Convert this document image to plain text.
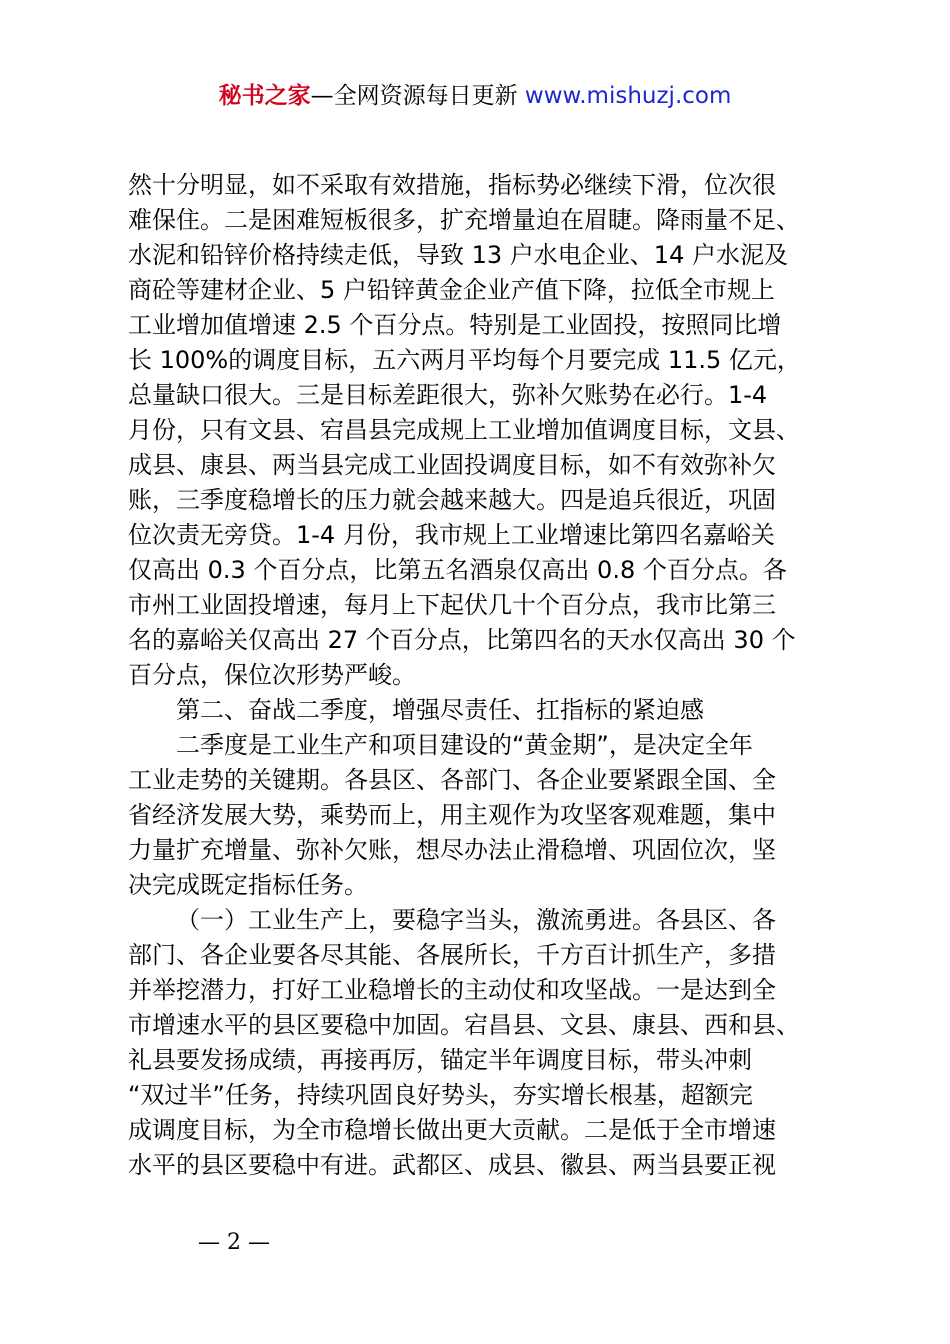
秘书之家—全网资源每日更新 www.mishuzj.com
然十分明显，如不采取有效措施，指标势必继续下滑，位次很
难保住。二是困难短板很多，扩充增量迫在眉睫。降雨量不足、
水泥和铅锌价格持续走低，导致 13 户水电企业、14 户水泥及
商砼等建材企业、5 户铅锌黄金企业产值下降，拉低全市规上
工业增加值增速 2.5 个百分点。特别是工业固投，按照同比增
长 100%的调度目标，五六两月平均每个月要完成 11.5 亿元，
总量缺口很大。三是目标差距很大，弥补欠账势在必行。1-4
月份，只有文县、宕昌县完成规上工业增加值调度目标，文县、
成县、康县、两当县完成工业固投调度目标，如不有效弥补欠
账，三季度稳增长的压力就会越来越大。四是追兵很近，巩固
位次责无旁贷。1-4 月份，我市规上工业增速比第四名嘉峪关
仅高出 0.3 个百分点，比第五名酒泉仅高出 0.8 个百分点。各
市州工业固投增速，每月上下起伏几十个百分点，我市比第三
名的嘉峪关仅高出 27 个百分点，比第四名的天水仅高出 30 个
百分点，保位次形势严峻。
第二、奋战二季度，增强尽责任、扛指标的紧迫感
二季度是工业生产和项目建设的“黄金期”，是决定全年
工业走势的关键期。各县区、各部门、各企业要紧跟全国、全
省经济发展大势，乘势而上，用主观作为攻坚客观难题，集中
力量扩充增量、弥补欠账，想尽办法止滑稳增、巩固位次，坚
决完成既定指标任务。
（一）工业生产上，要稳字当头，激流勇进。各县区、各
部门、各企业要各尽其能、各展所长，千方百计抓生产，多措
并举挖潜力，打好工业稳增长的主动仗和攻坚战。一是达到全
市增速水平的县区要稳中加固。宕昌县、文县、康县、西和县、
礼县要发扬成绩，再接再厉，锚定半年调度目标，带头冲刺
“双过半”任务，持续巩固良好势头，夯实增长根基，超额完
成调度目标，为全市稳增长做出更大贡献。二是低于全市增速
水平的县区要稳中有进。武都区、成县、徽县、两当县要正视
— 2 —
